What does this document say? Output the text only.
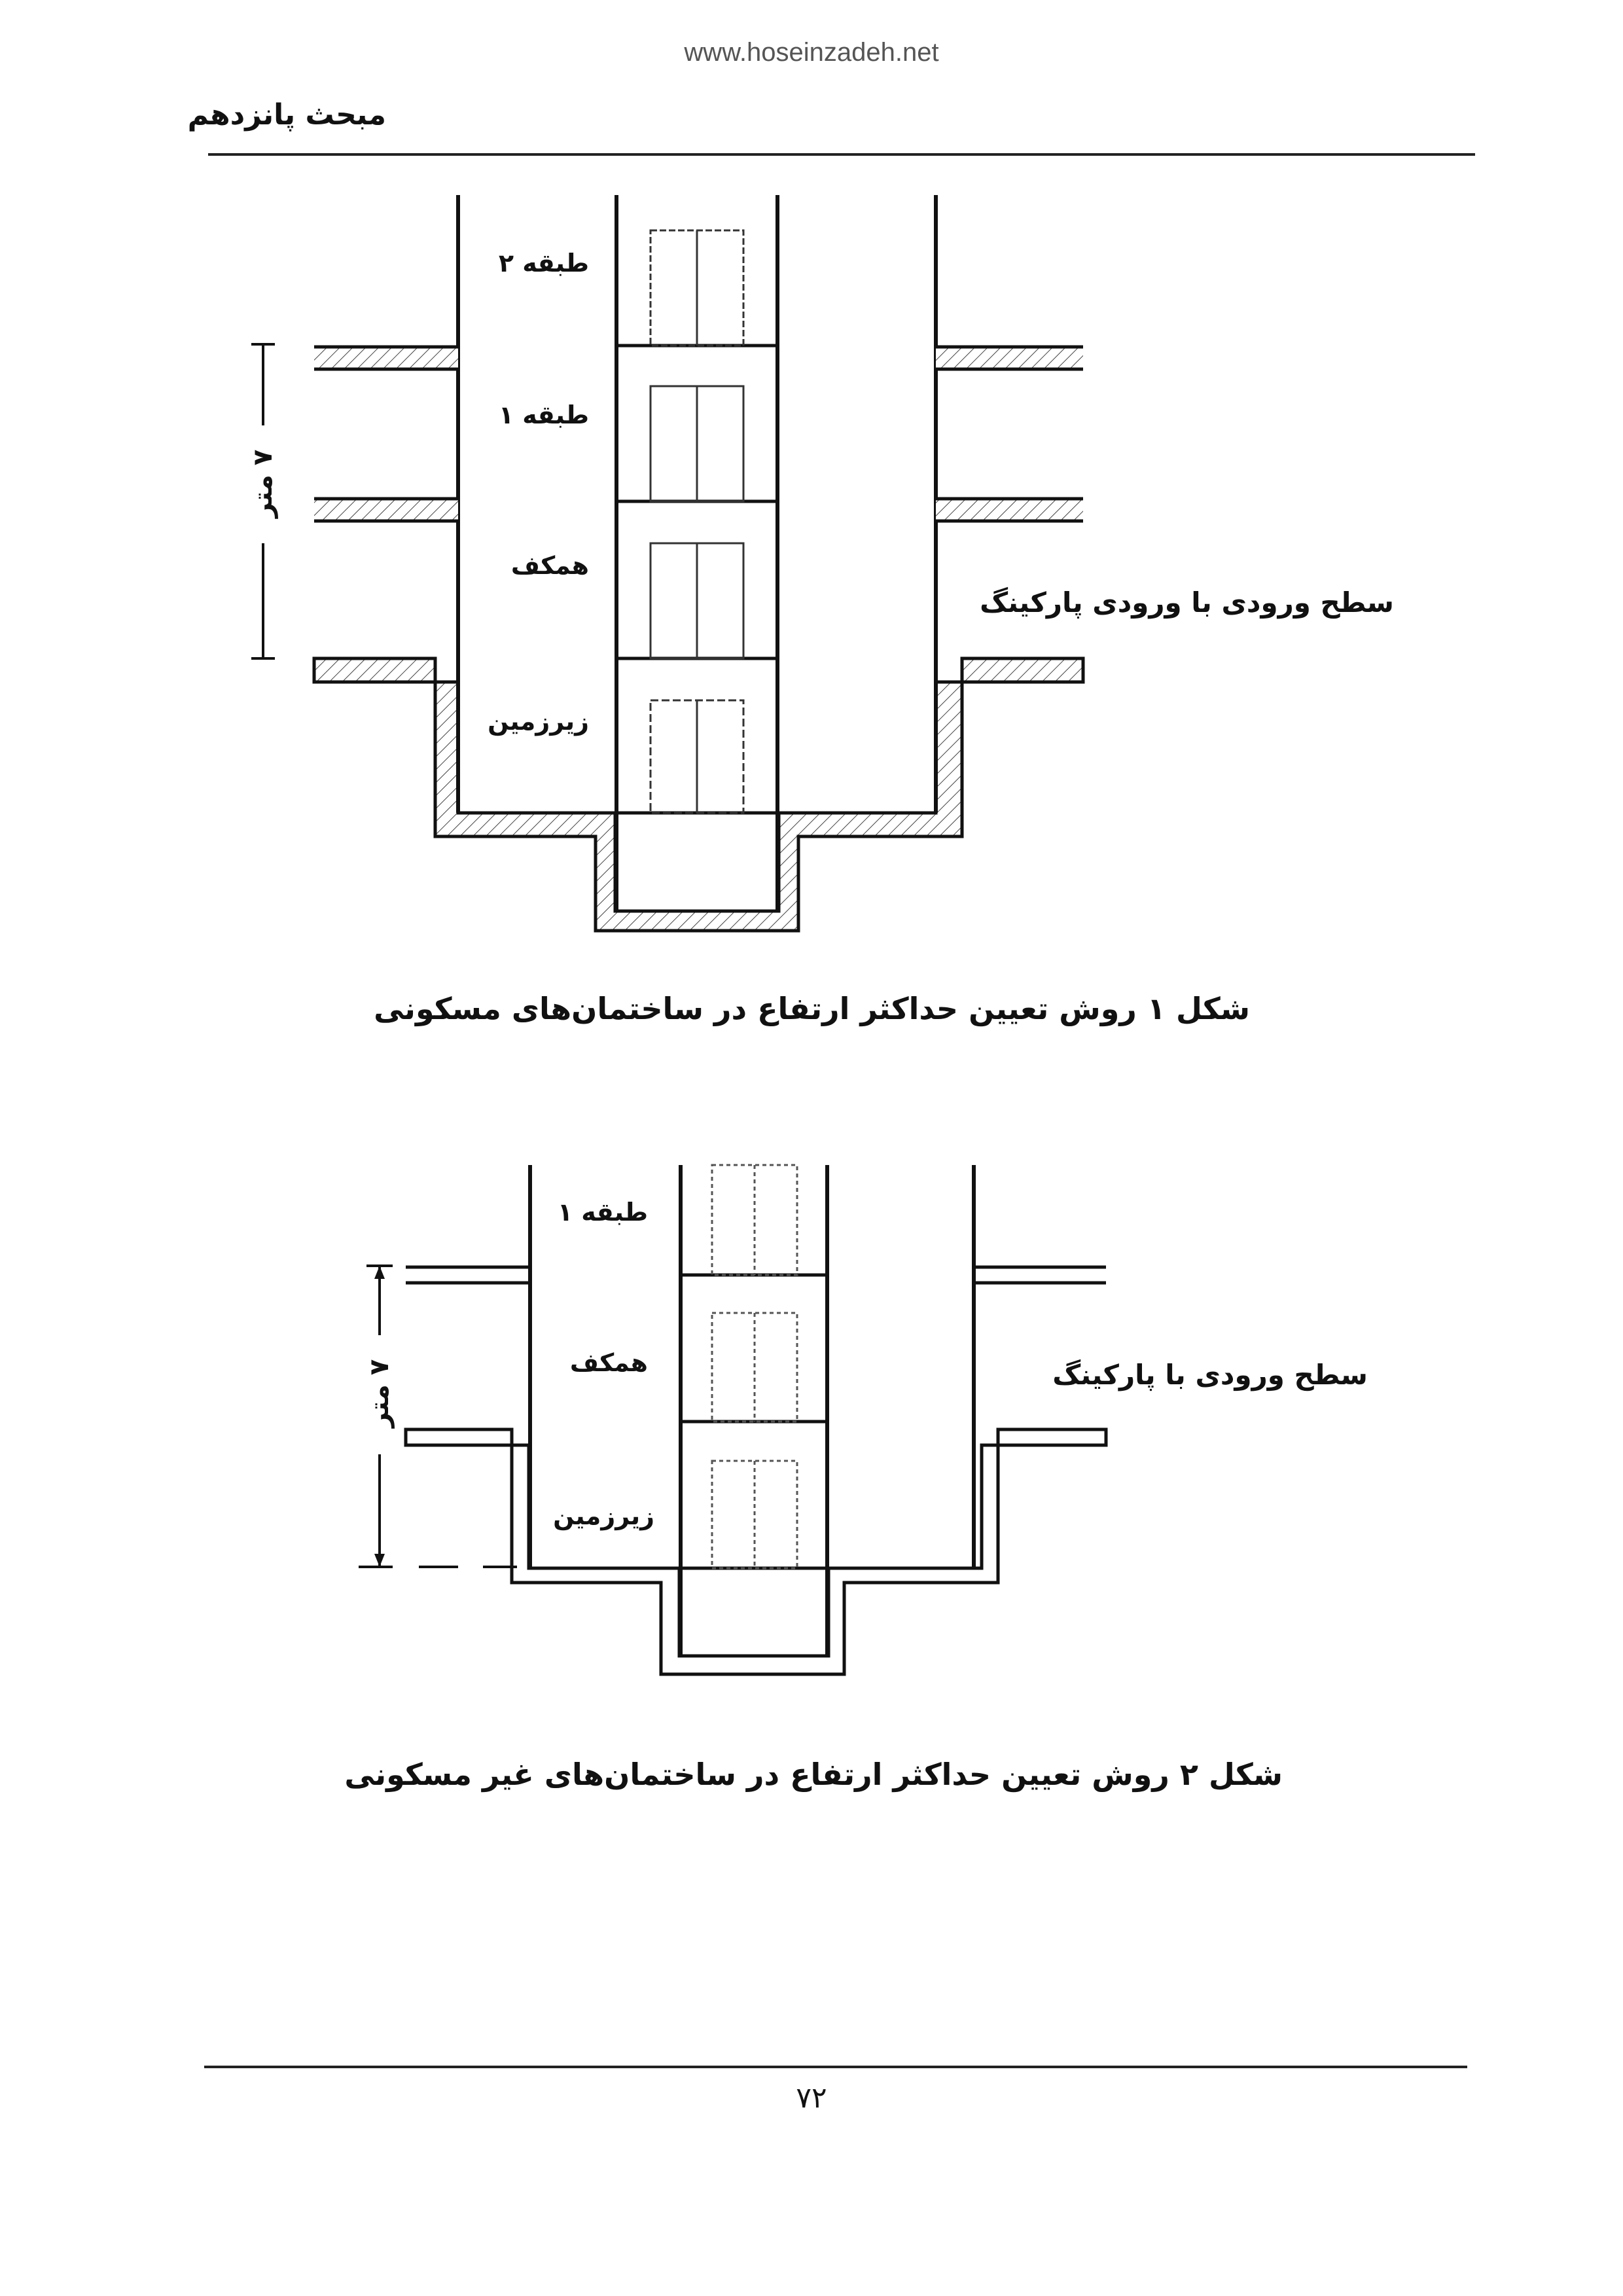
www.hoseinzadeh.net
مبحث پانزدهم
طبقه ۲
طبقه ۱
همکف
زیرزمین
۷ متر
سطح ورودی با ورودی پارکینگ
شکل ۱ روش تعیین حداکثر ارتفاع در ساختمان‌های مسکونی
طبقه ۱
همکف
زیرزمین
۷ متر	سطح ورودی با پارکینگ
شکل ۲ روش تعیین حداکثر ارتفاع در ساختمان‌های غیر مسکونی
۷۲
